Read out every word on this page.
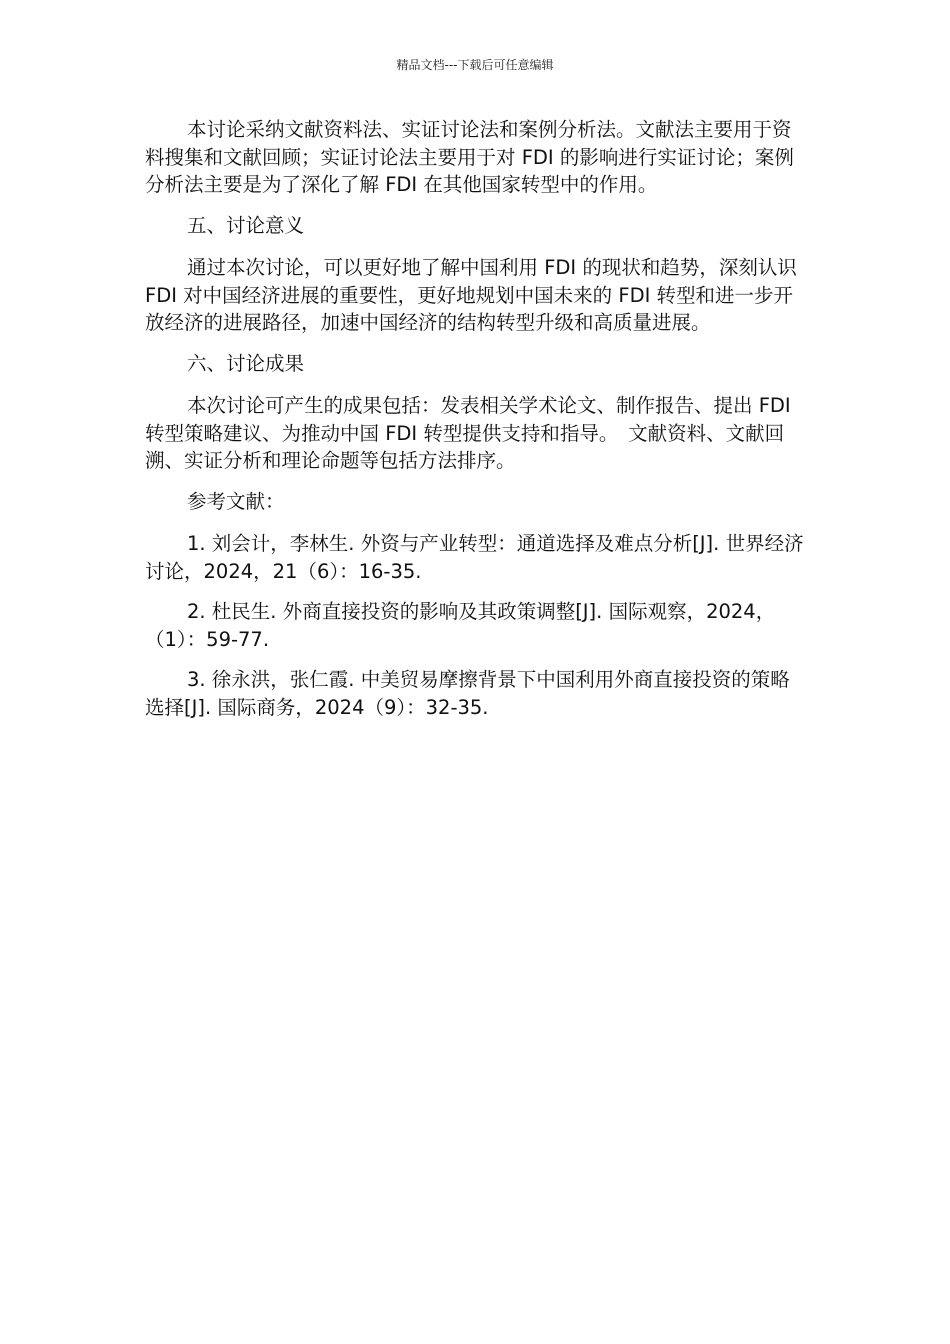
精品文档---下载后可任意编辑

本讨论采纳文献资料法、实证讨论法和案例分析法。文献法主要用于资料搜集和文献回顾；实证讨论法主要用于对 FDI 的影响进行实证讨论；案例分析法主要是为了深化了解 FDI 在其他国家转型中的作用。

五、讨论意义

通过本次讨论，可以更好地了解中国利用 FDI 的现状和趋势，深刻认识 FDI 对中国经济进展的重要性，更好地规划中国未来的 FDI 转型和进一步开放经济的进展路径，加速中国经济的结构转型升级和高质量进展。

六、讨论成果

本次讨论可产生的成果包括：发表相关学术论文、制作报告、提出 FDI 转型策略建议、为推动中国 FDI 转型提供支持和指导。　文献资料、文献回溯、实证分析和理论命题等包括方法排序。

参考文献：

1. 刘会计，李林生. 外资与产业转型：通道选择及难点分析[J]. 世界经济讨论，2024，21（6）：16-35.

2. 杜民生. 外商直接投资的影响及其政策调整[J]. 国际观察，2024，（1）：59-77.

3. 徐永洪，张仁霞. 中美贸易摩擦背景下中国利用外商直接投资的策略选择[J]. 国际商务，2024（9）：32-35.
